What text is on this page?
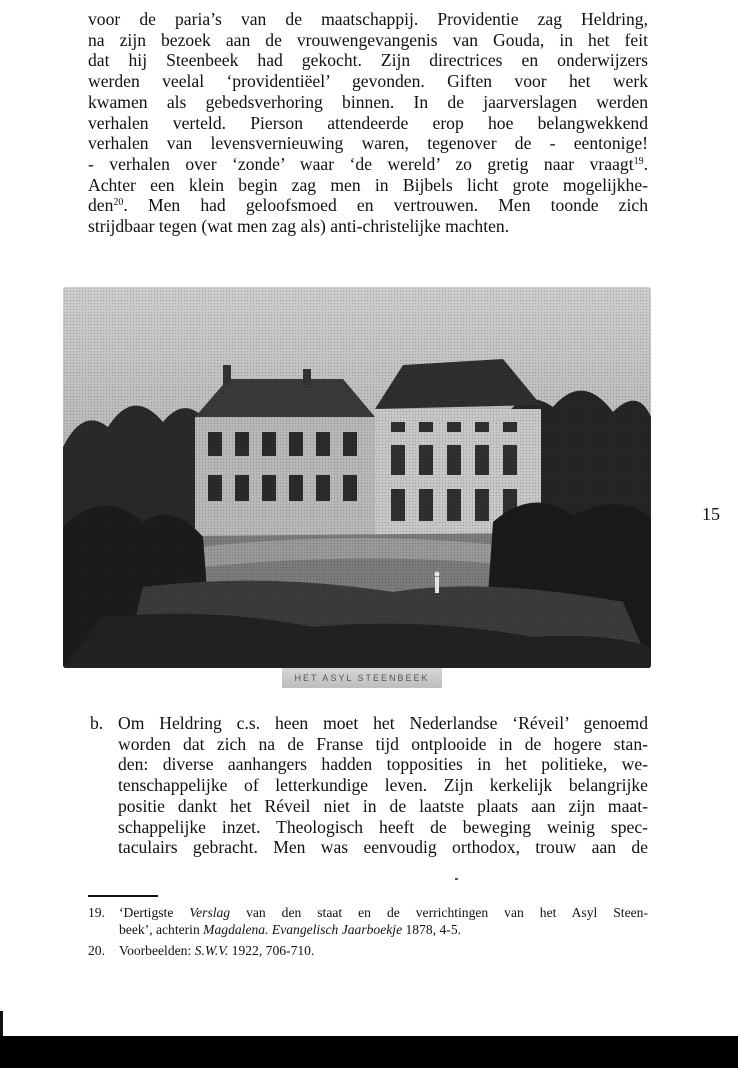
voor de paria’s van de maatschappij. Providentie zag Heldring,
na zijn bezoek aan de vrouwengevangenis van Gouda, in het feit
dat hij Steenbeek had gekocht. Zijn directrices en onderwijzers
werden veelal ‘providentiëel’ gevonden. Giften voor het werk
kwamen als gebedsverhoring binnen. In de jaarverslagen werden
verhalen verteld. Pierson attendeerde erop hoe belangwekkend
verhalen van levensvernieuwing waren, tegenover de - eentonige!
- verhalen over ‘zonde’ waar ‘de wereld’ zo gretig naar vraagt$^{19}$.
Achter een klein begin zag men in Bijbels licht grote mogelijkhe-
den$^{20}$. Men had geloofsmoed en vertrouwen. Men toonde zich
strijdbaar tegen (wat men zag als) anti-christelijke machten.
15
HET ASYL STEENBEEK
b. Om Heldring c.s. heen moet het Nederlandse ‘Réveil’ genoemd
worden dat zich na de Franse tijd ontplooide in de hogere stan-
den: diverse aanhangers hadden topposities in het politieke, we-
tenschappelijke of letterkundige leven. Zijn kerkelijk belangrijke
positie dankt het Réveil niet in de laatste plaats aan zijn maat-
schappelijke inzet. Theologisch heeft de beweging weinig spec-
taculairs gebracht. Men was eenvoudig orthodox, trouw aan de
19. ‘Dertigste Verslag van den staat en de verrichtingen van het Asyl Steen-
beek’, achterin Magdalena. Evangelisch Jaarboekje 1878, 4-5.
20. Voorbeelden: S.W.V. 1922, 706-710.
